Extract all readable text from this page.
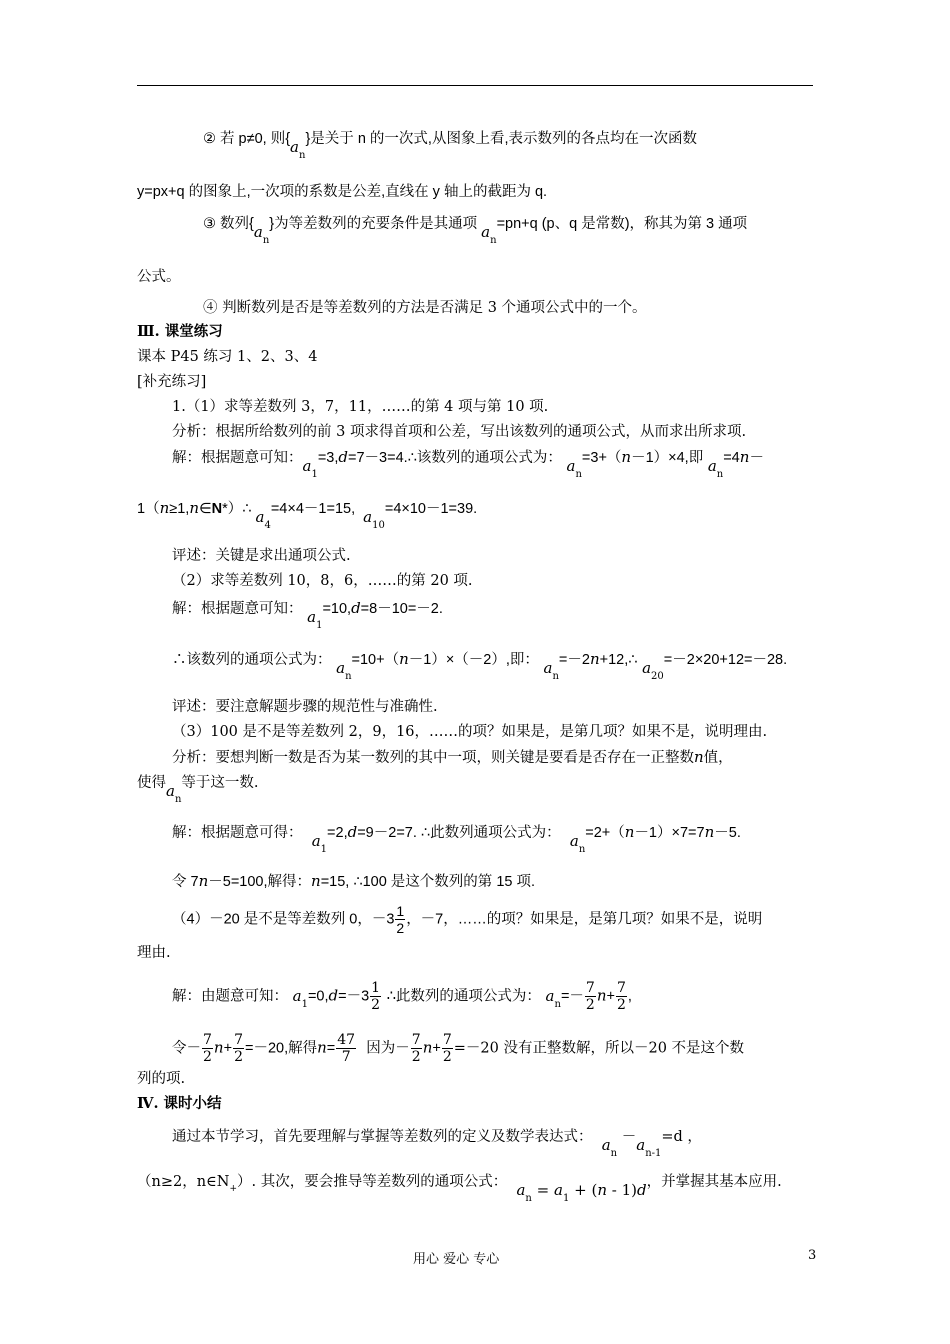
② 若 p≠0, 则$\{a_n\}$是关于 n 的一次式,从图象上看,表示数列的各点均在一次函数
y=px+q 的图象上,一次项的系数是公差,直线在 y 轴上的截距为 q.
③ 数列$\{a_n\}$为等差数列的充要条件是其通项 $a_n=pn+q$ (p、q 是常数)，称其为第 3 通项
公式。
④ 判断数列是否是等差数列的方法是否满足 3 个通项公式中的一个。
Ⅲ. 课堂练习
课本 P45 练习 1、2、3、4
[补充练习]
1.（1）求等差数列 3，7，11，……的第 4 项与第 10 项.
分析：根据所给数列的前 3 项求得首项和公差，写出该数列的通项公式，从而求出所求项.
解：根据题意可知：$a_1=3,d=7-3=4.\therefore$该数列的通项公式为： $a_n=3+(n-1)\times 4$,即 $a_n=4n-$
1（n≥1,n∈N*）∴ $a_4=4\times 4-1=15$, $a_{10}=4\times 10-1=39$.
评述：关键是求出通项公式.
（2）求等差数列 10，8，6，……的第 20 项.
解：根据题意可知： $a_1=10,d=8-10=-2$.
∴该数列的通项公式为： $a_n=10+(n-1)\times(-2)$,即： $a_n=-2n+12,\therefore$ $a_{20}=-2\times 20+12=-28$.
评述：要注意解题步骤的规范性与准确性.
（3）100 是不是等差数列 2，9，16，……的项？如果是，是第几项？如果不是，说明理由.
分析：要想判断一数是否为某一数列的其中一项，则关键是要看是否存在一正整数n值，
使得$a_n$等于这一数.
解：根据题意可得： $a_1=2,d=9-2=7$. ∴此数列通项公式为： $a_n=2+(n-1)\times 7=7n-5$.
令 7n－5=100,解得：n=15, ∴100 是这个数列的第 15 项.
（4）－20 是不是等差数列 0，$-3 \frac{1}{2}$ ，－7，……的项？如果是，是第几项？如果不是，说明
理由.
解：由题意可知： $a_1=0,d=-3 \frac{1}{2}$ ∴此数列的通项公式为： $a_n=- \frac{7}{2} n+ \frac{7}{2}$ ,
令－ $\frac{7}{2} n+ \frac{7}{2} =-20$,解得$n= \frac{47}{7}$ 因为－ $\frac{7}{2} n+ \frac{7}{2} =-20$ 没有正整数解，所以－20 不是这个数
列的项.
Ⅳ. 课时小结
通过本节学习，首先要理解与掌握等差数列的定义及数学表达式： $a_n -a_{n-1}=d$ ，
（n≥2，$n\in N_+$）. 其次，要会推导等差数列的通项公式： $a_n = a_1 + (n - 1)d$，并掌握其基本应用.
用心 爱心 专心	3
